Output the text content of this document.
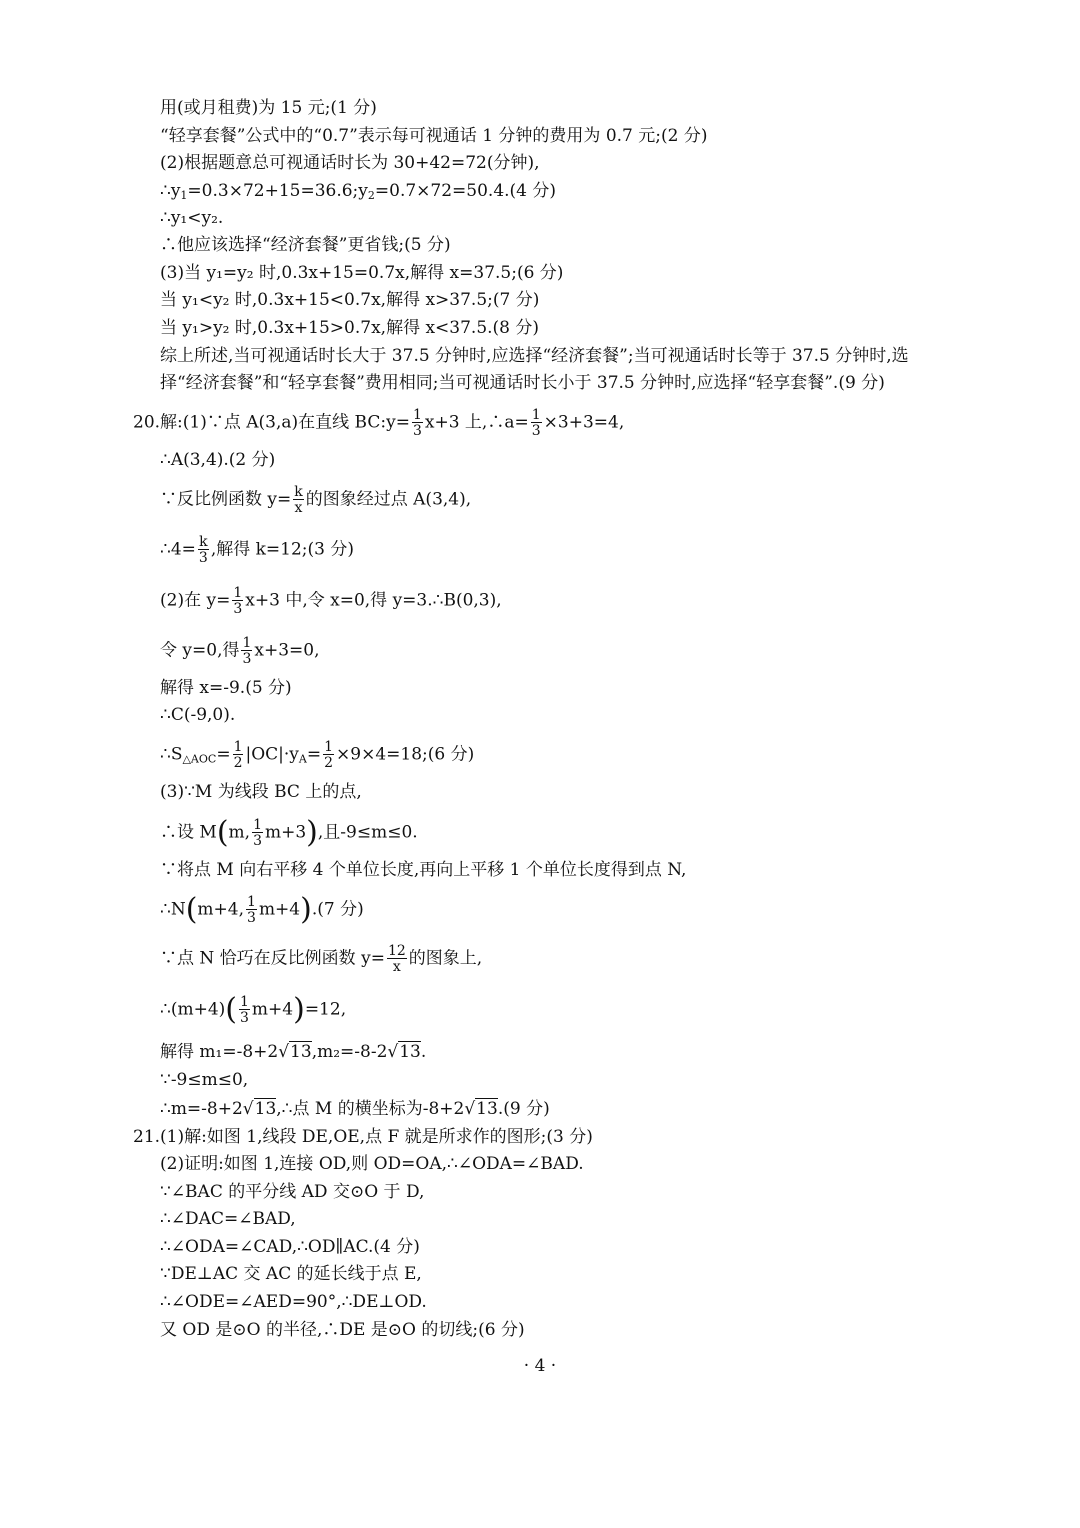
用(或月租费)为 15 元;(1 分)
“轻享套餐”公式中的“0.7”表示每可视通话 1 分钟的费用为 0.7 元;(2 分)
(2)根据题意总可视通话时长为 30+42=72(分钟),
$\therefore y_1=0.3\times 72+15=36.6;y_2=0.7\times 72=50.4.(4$ 分)
∴y₁<y₂.
∴他应该选择“经济套餐”更省钱;(5 分)
(3)当 y₁=y₂ 时,0.3x+15=0.7x,解得 x=37.5;(6 分)
当 y₁<y₂ 时,0.3x+15<0.7x,解得 x>37.5;(7 分)
当 y₁>y₂ 时,0.3x+15>0.7x,解得 x<37.5.(8 分)
综上所述,当可视通话时长大于 37.5 分钟时,应选择“经济套餐”;当可视通话时长等于 37.5 分钟时,选
择“经济套餐”和“轻享套餐”费用相同;当可视通话时长小于 37.5 分钟时,应选择“轻享套餐”.(9 分)
20.解:(1)∵点 A(3,a)在直线 BC:y= $\frac{1}{3} x+3$ 上,∴a= $\frac{1}{3} \times 3+3=4$,
∴A(3,4).(2 分)
∵反比例函数 $y= \frac{k}{x}$ 的图象经过点 A(3,4),
∴4= $\frac{k}{3}$ ,解得 k=12;(3 分)
(2)在 $y= \frac{1}{3} x+3$ 中,令 x=0,得 y=3.∴B(0,3),
令 y=0,得 $\frac{1}{3} x+3=0$,
解得 x=-9.(5 分)
∴C(-9,0).
$\therefore S_{\triangle AOC}= \frac{1}{2} |OC|\cdot y_A= \frac{1}{2}$ ×9×4=18;(6 分)
(3)∵M 为线段 BC 上的点,
∴设 M(m, $\frac{1}{3} m+3$),且-9≤m≤0.
∵将点 M 向右平移 4 个单位长度,再向上平移 1 个单位长度得到点 N,
∴N(m+4, $\frac{1}{3} m+4).(7$ 分)
∵点 N 恰巧在反比例函数 $y= \frac{12}{x}$ 的图象上,
∴(m+4)( $\frac{1}{3} m+4)=12$,
解得 m₁=-8+2√13,m₂=-8-2√13.
∵-9≤m≤0,
∴m=-8+2√13,∴点 M 的横坐标为-8+2√13.(9 分)
21.(1)解:如图 1,线段 DE,OE,点 F 就是所求作的图形;(3 分)
(2)证明:如图 1,连接 OD,则 OD=OA,∴∠ODA=∠BAD.
∵∠BAC 的平分线 AD 交⊙O 于 D,
∴∠DAC=∠BAD,
∴∠ODA=∠CAD,∴OD∥AC.(4 分)
∵DE⊥AC 交 AC 的延长线于点 E,
∴∠ODE=∠AED=90°,∴DE⊥OD.
又 OD 是⊙O 的半径,∴DE 是⊙O 的切线;(6 分)
· 4 ·
